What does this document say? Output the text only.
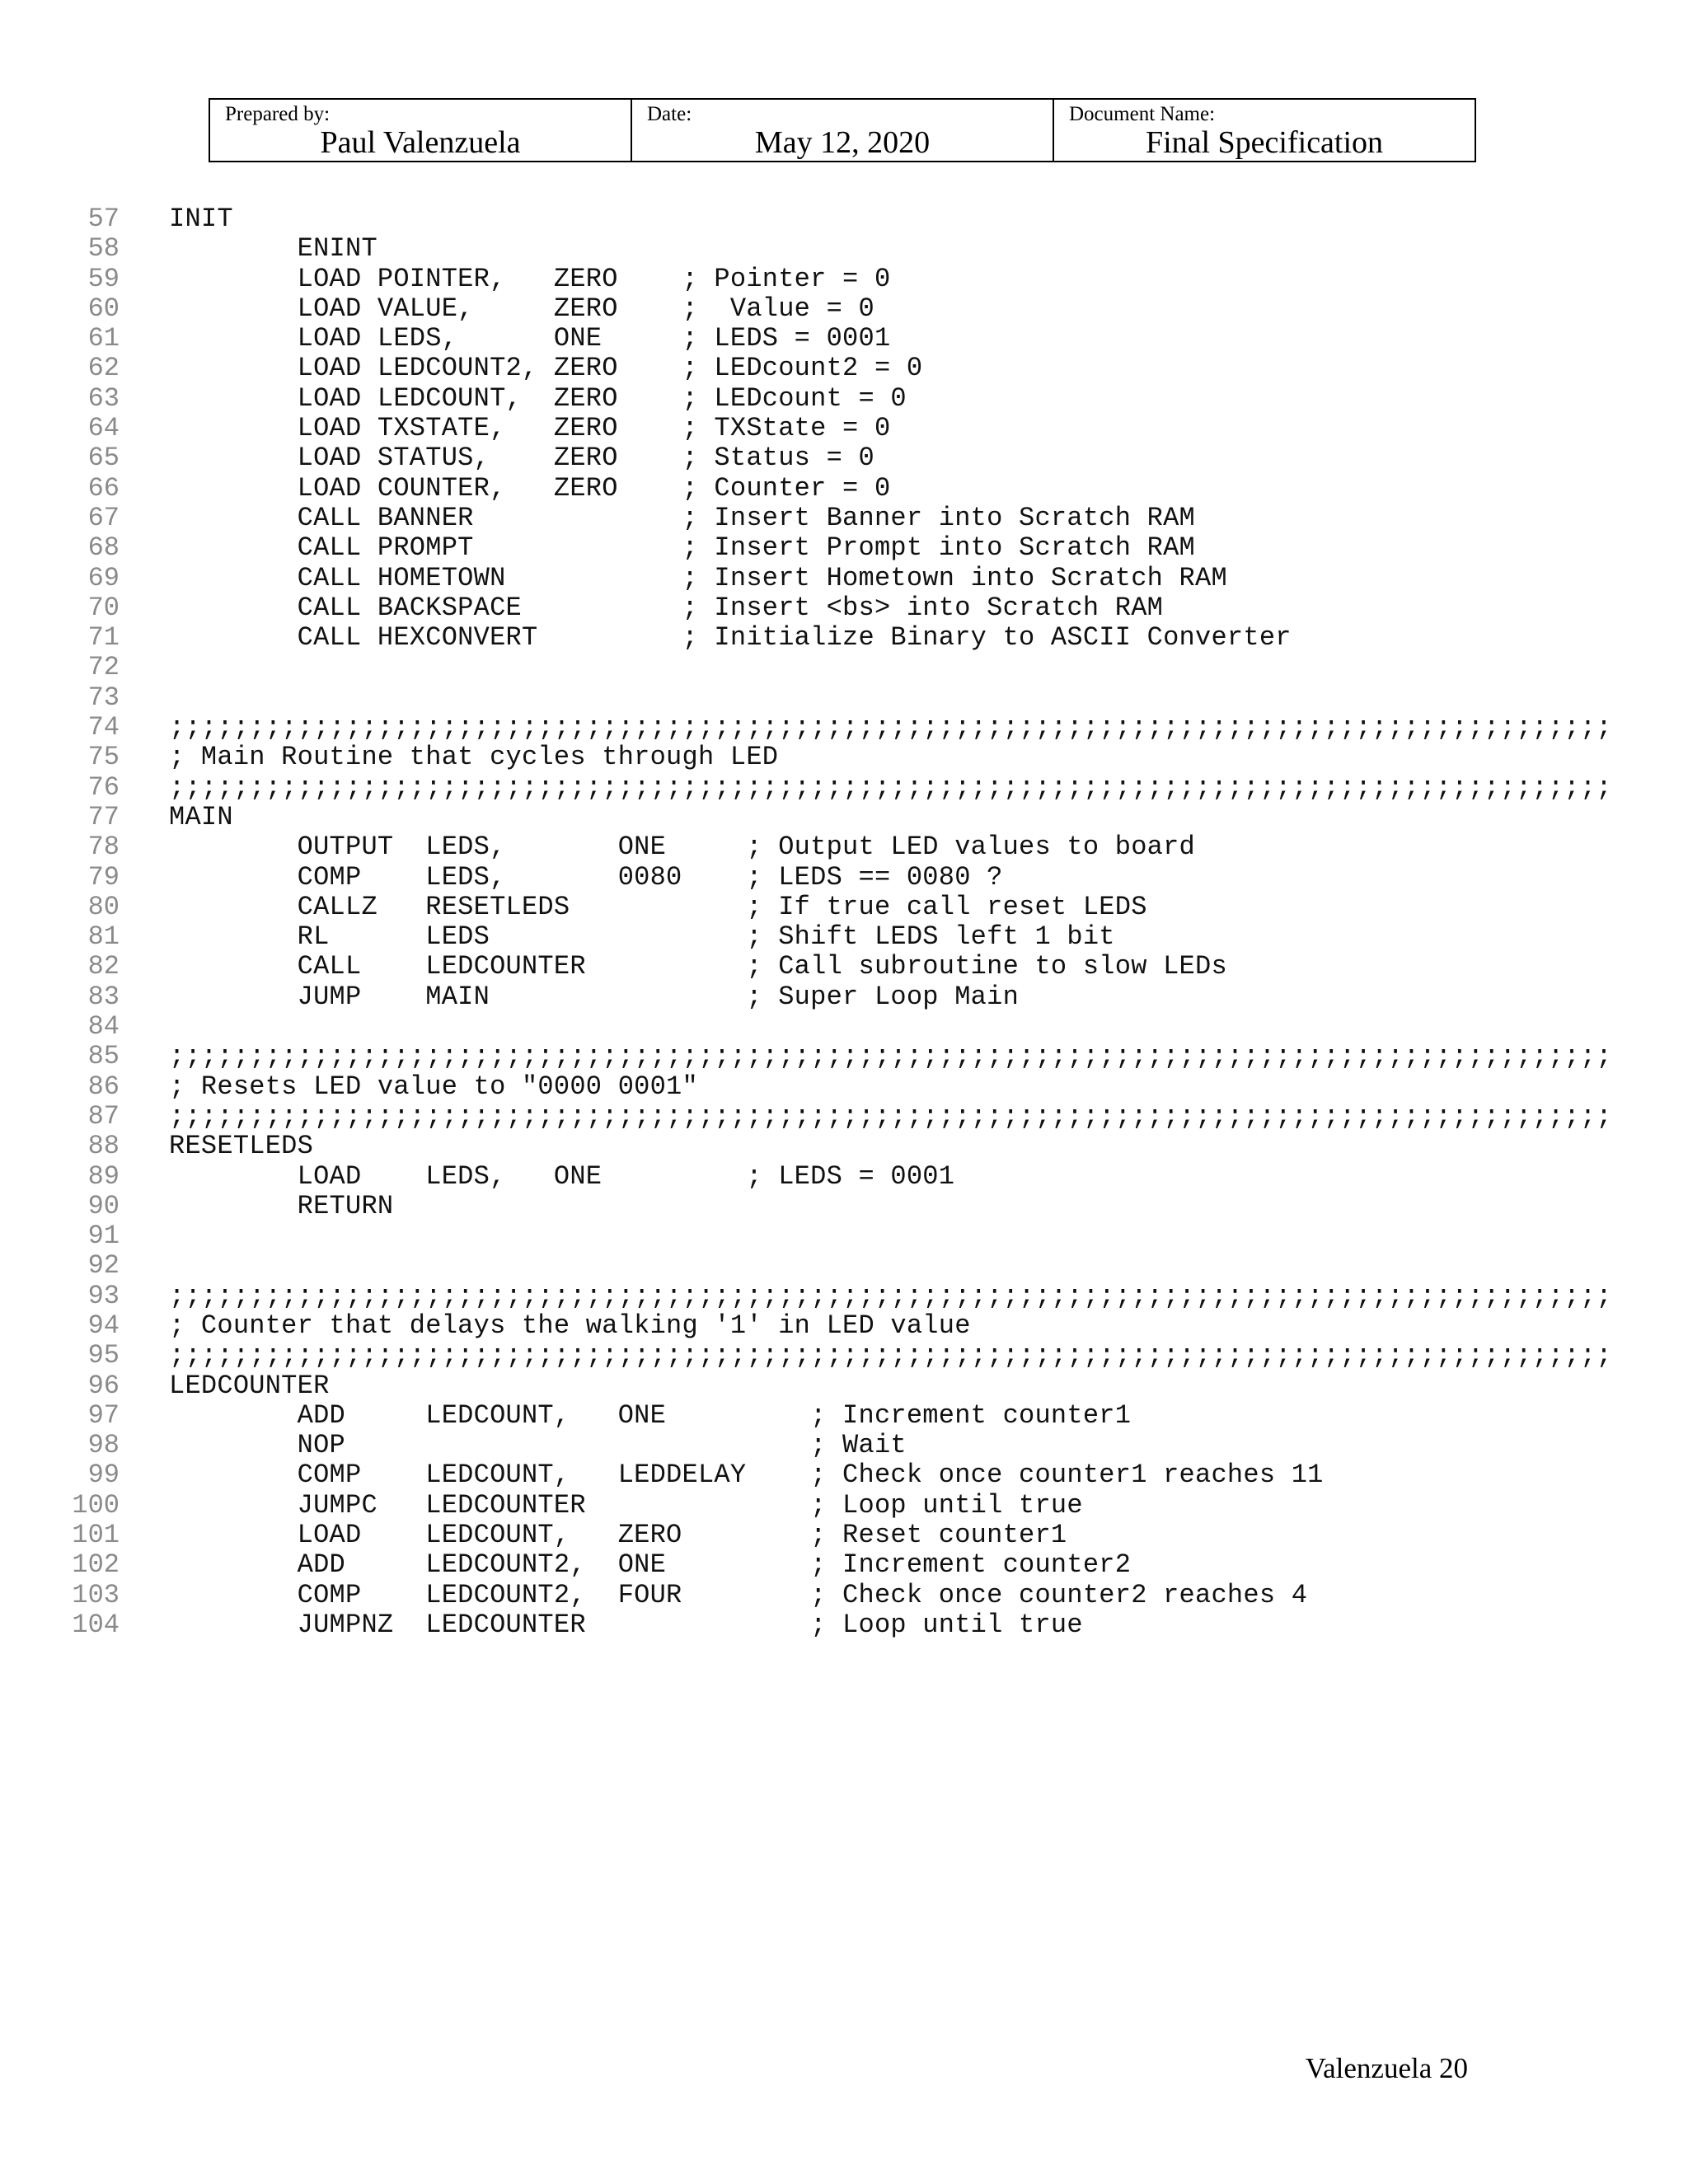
Prepared by:
Paul Valenzuela
Date:
May 12, 2020
Document Name:
Final Specification
57 INIT
58 ENINT
59 LOAD POINTER,   ZERO    ; Pointer = 0
60 LOAD VALUE,     ZERO    ;  Value = 0
61 LOAD LEDS,      ONE     ; LEDS = 0001
62 LOAD LEDCOUNT2, ZERO    ; LEDcount2 = 0
63 LOAD LEDCOUNT,  ZERO    ; LEDcount = 0
64 LOAD TXSTATE,   ZERO    ; TXState = 0
65 LOAD STATUS,    ZERO    ; Status = 0
66 LOAD COUNTER,   ZERO    ; Counter = 0
67 CALL BANNER             ; Insert Banner into Scratch RAM
68 CALL PROMPT             ; Insert Prompt into Scratch RAM
69 CALL HOMETOWN           ; Insert Hometown into Scratch RAM
70 CALL BACKSPACE          ; Insert <bs> into Scratch RAM
71 CALL HEXCONVERT         ; Initialize Binary to ASCII Converter
72
73
74 ;;;;;;;;;;;;;;;;;;;;;;;;;;;;;;;;;;;;;;;;;;;;;;;;;;;;;;;;;;;;;;;;;;;;;;;;;;;;;;;;;;;;;;;;;;
75 ; Main Routine that cycles through LED
76 ;;;;;;;;;;;;;;;;;;;;;;;;;;;;;;;;;;;;;;;;;;;;;;;;;;;;;;;;;;;;;;;;;;;;;;;;;;;;;;;;;;;;;;;;;;
77 MAIN
78 OUTPUT  LEDS,       ONE     ; Output LED values to board
79 COMP    LEDS,       0080    ; LEDS == 0080 ?
80 CALLZ   RESETLEDS           ; If true call reset LEDS
81 RL      LEDS                ; Shift LEDS left 1 bit
82 CALL    LEDCOUNTER          ; Call subroutine to slow LEDs
83 JUMP    MAIN                ; Super Loop Main
84
85 ;;;;;;;;;;;;;;;;;;;;;;;;;;;;;;;;;;;;;;;;;;;;;;;;;;;;;;;;;;;;;;;;;;;;;;;;;;;;;;;;;;;;;;;;;;
86 ; Resets LED value to "0000 0001"
87 ;;;;;;;;;;;;;;;;;;;;;;;;;;;;;;;;;;;;;;;;;;;;;;;;;;;;;;;;;;;;;;;;;;;;;;;;;;;;;;;;;;;;;;;;;;
88 RESETLEDS
89 LOAD    LEDS,   ONE         ; LEDS = 0001
90 RETURN
91
92
93 ;;;;;;;;;;;;;;;;;;;;;;;;;;;;;;;;;;;;;;;;;;;;;;;;;;;;;;;;;;;;;;;;;;;;;;;;;;;;;;;;;;;;;;;;;;
94 ; Counter that delays the walking '1' in LED value
95 ;;;;;;;;;;;;;;;;;;;;;;;;;;;;;;;;;;;;;;;;;;;;;;;;;;;;;;;;;;;;;;;;;;;;;;;;;;;;;;;;;;;;;;;;;;
96 LEDCOUNTER
97 ADD     LEDCOUNT,   ONE         ; Increment counter1
98 NOP                             ; Wait
99 COMP    LEDCOUNT,   LEDDELAY    ; Check once counter1 reaches 11
100 JUMPC   LEDCOUNTER              ; Loop until true
101 LOAD    LEDCOUNT,   ZERO        ; Reset counter1
102 ADD     LEDCOUNT2,  ONE         ; Increment counter2
103 COMP    LEDCOUNT2,  FOUR        ; Check once counter2 reaches 4
104 JUMPNZ  LEDCOUNTER              ; Loop until true
Valenzuela 20
